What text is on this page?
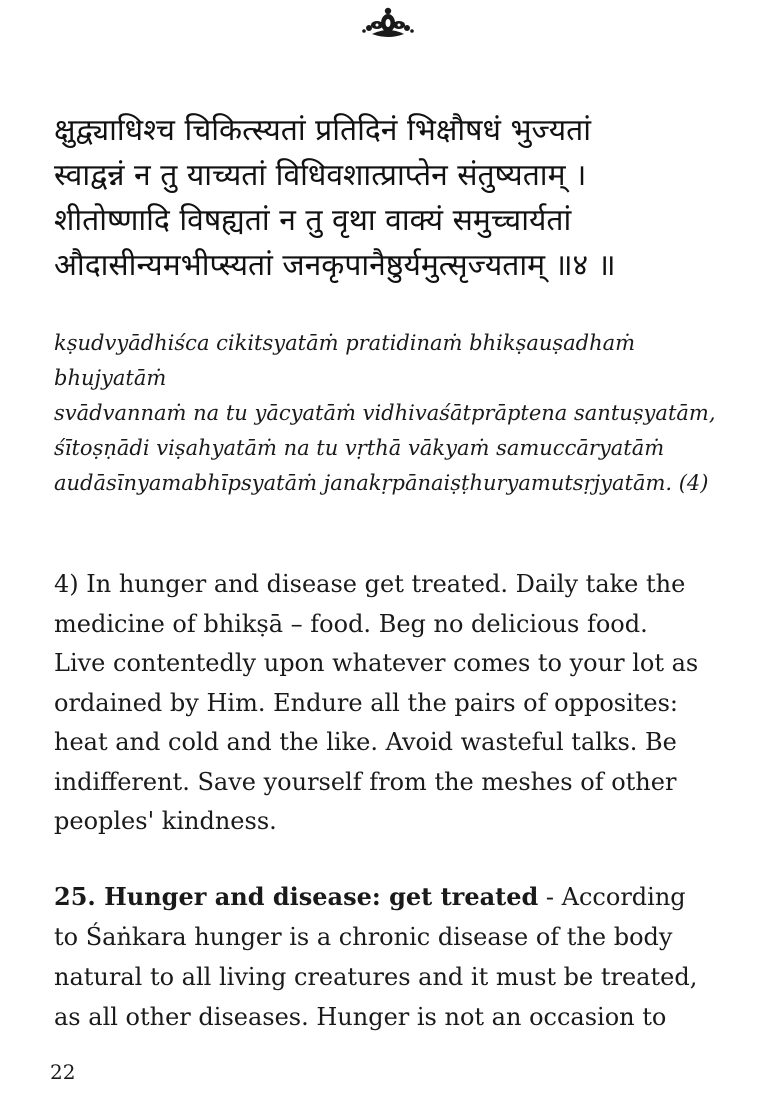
क्षुद्व्याधिश्च चिकित्स्यतां प्रतिदिनं भिक्षौषधं भुज्यतां
स्वाद्वन्नं न तु याच्यतां विधिवशात्प्राप्तेन संतुष्यताम् ।
शीतोष्णादि विषह्यतां न तु वृथा वाक्यं समुच्चार्यतां
औदासीन्यमभीप्स्यतां जनकृपानैष्ठुर्यमुत्सृज्यताम् ॥४ ॥
kṣudvyādhiśca cikitsyatāṁ pratidinaṁ bhikṣauṣadhaṁ
bhujyatāṁ
svādvannaṁ na tu yācyatāṁ vidhivaśātprāptena santuṣyatām,
śītoṣṇādi viṣahyatāṁ na tu vṛthā vākyaṁ samuccāryatāṁ
audāsīnyamabhīpsyatāṁ janakṛpānaiṣṭhuryamutsṛjyatām. (4)
4) In hunger and disease get treated. Daily take the
medicine of bhikṣā – food. Beg no delicious food.
Live contentedly upon whatever comes to your lot as
ordained by Him. Endure all the pairs of opposites:
heat and cold and the like. Avoid wasteful talks. Be
indifferent. Save yourself from the meshes of other
peoples' kindness.
25. Hunger and disease: get treated - According
to Śaṅkara hunger is a chronic disease of the body
natural to all living creatures and it must be treated,
as all other diseases. Hunger is not an occasion to
22
